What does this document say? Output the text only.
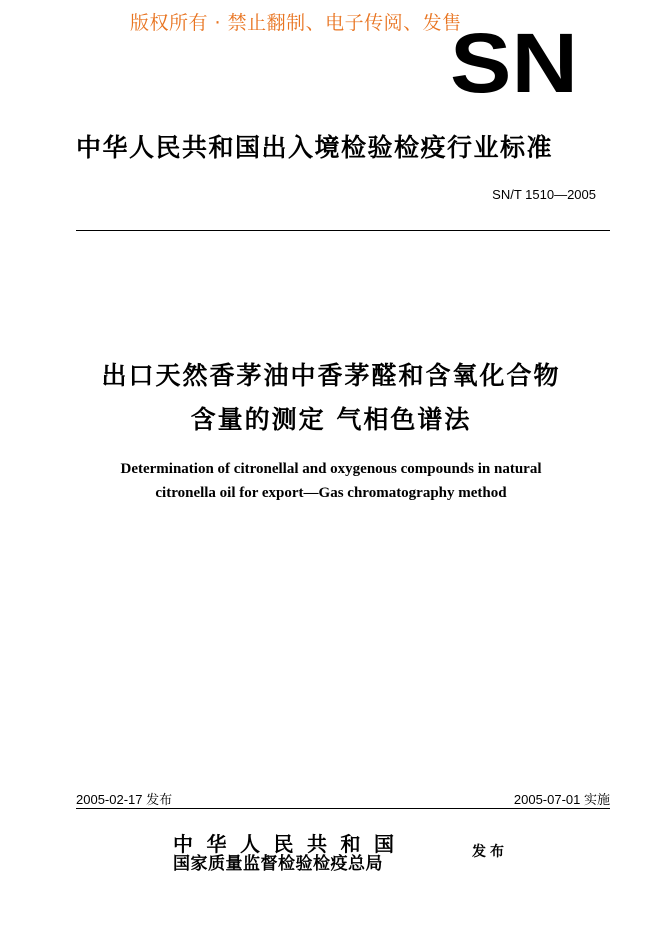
版权所有 · 禁止翻制、电子传阅、发售
SN
中华人民共和国出入境检验检疫行业标准
SN/T 1510—2005
出口天然香茅油中香茅醛和含氧化合物
含量的测定 气相色谱法
Determination of citronellal and oxygenous compounds in natural
citronella oil for export—Gas chromatography method
2005-02-17 发布	2005-07-01 实施
中华人民共和国
国家质量监督检验检疫总局
发布
